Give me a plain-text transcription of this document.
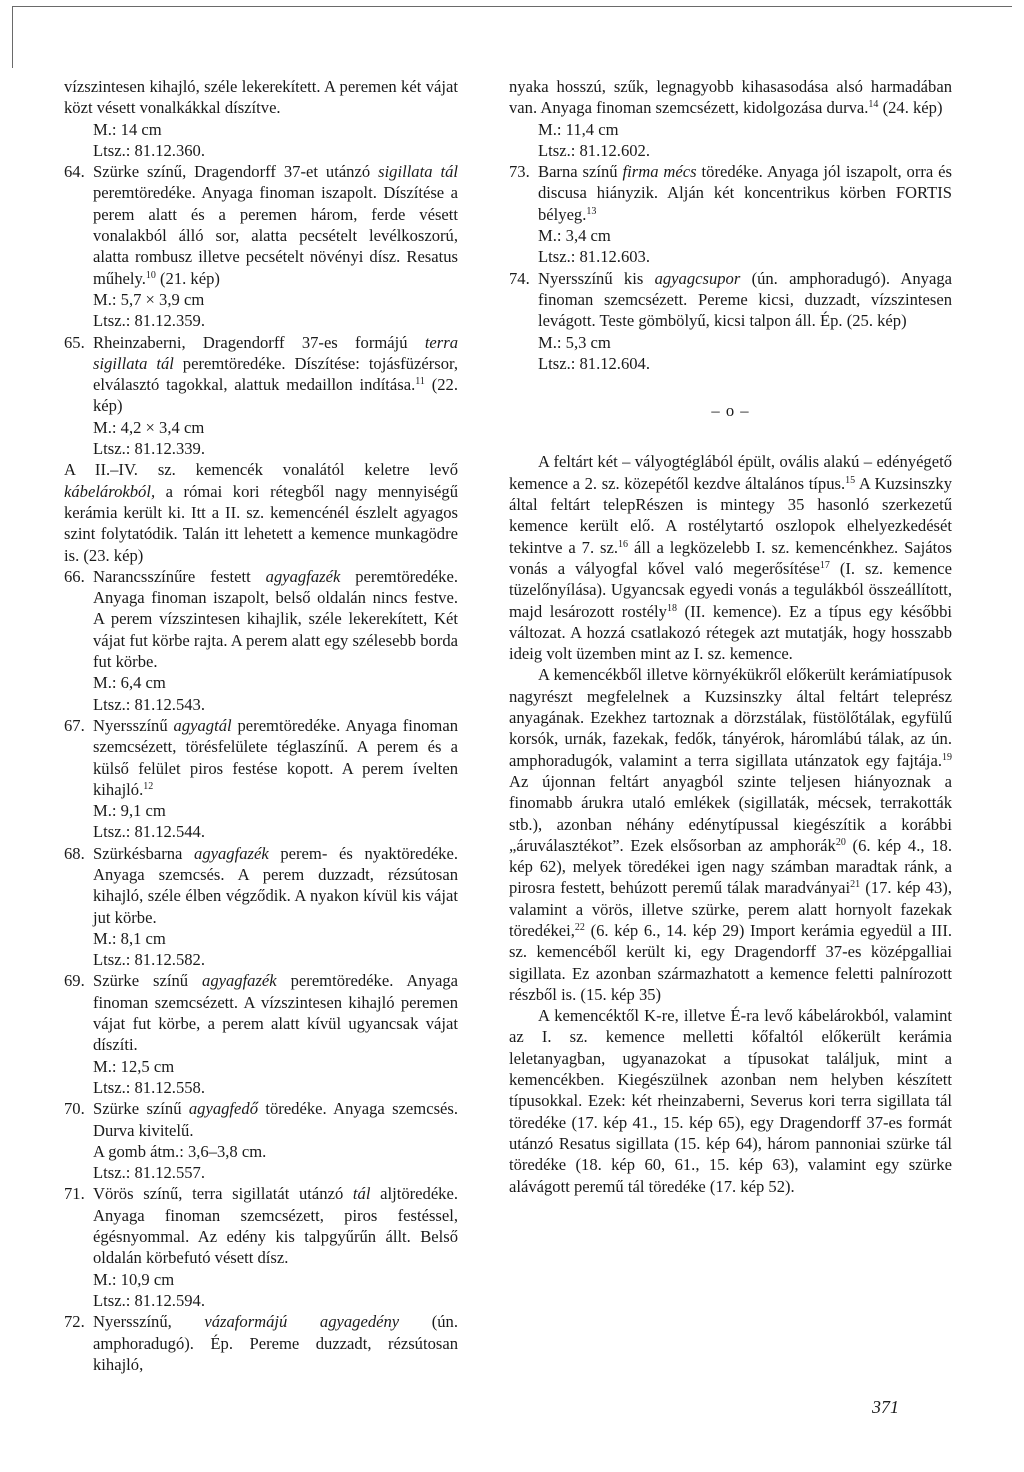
vízszintesen kihajló, széle lekerekített. A peremen két vájat közt vésett vonalkákkal díszítve.

M.: 14 cm

Ltsz.: 81.12.360.

64. Szürke színű, Dragendorff 37-et utánzó sigillata tál peremtöredéke. Anyaga finoman iszapolt. Díszítése a perem alatt és a peremen három, ferde vésett vonalakból álló sor, alatta pecsételt levélkoszorú, alatta rombusz illetve pecsételt növényi dísz. Resatus műhely.$^{10}$ (21. kép)

M.: 5,7 × 3,9 cm

Ltsz.: 81.12.359.

65. Rheinzaberni, Dragendorff 37-es formájú terra sigillata tál peremtöredéke. Díszítése: tojásfüzérsor, elválasztó tagokkal, alattuk medaillon indítása.$^{11}$ (22. kép)

M.: 4,2 × 3,4 cm

Ltsz.: 81.12.339.

A II.–IV. sz. kemencék vonalától keletre levő kábelárokból, a római kori rétegből nagy mennyiségű kerámia került ki. Itt a II. sz. kemencénél észlelt agyagos szint folytatódik. Talán itt lehetett a kemence munkagödre is. (23. kép)

66. Narancsszínűre festett agyagfazék peremtöredéke. Anyaga finoman iszapolt, belső oldalán nincs festve. A perem vízszintesen kihajlik, széle lekerekített, Két vájat fut körbe rajta. A perem alatt egy szélesebb borda fut körbe.

M.: 6,4 cm

Ltsz.: 81.12.543.

67. Nyersszínű agyagtál peremtöredéke. Anyaga finoman szemcsézett, törésfelülete téglaszínű. A perem és a külső felület piros festése kopott. A perem ívelten kihajló.$^{12}$

M.: 9,1 cm

Ltsz.: 81.12.544.

68. Szürkésbarna agyagfazék perem- és nyaktöredéke. Anyaga szemcsés. A perem duzzadt, rézsútosan kihajló, széle élben végződik. A nyakon kívül kis vájat jut körbe.

M.: 8,1 cm

Ltsz.: 81.12.582.

69. Szürke színű agyagfazék peremtöredéke. Anyaga finoman szemcsézett. A vízszintesen kihajló peremen vájat fut körbe, a perem alatt kívül ugyancsak vájat díszíti.

M.: 12,5 cm

Ltsz.: 81.12.558.

70. Szürke színű agyagfedő töredéke. Anyaga szemcsés. Durva kivitelű.

A gomb átm.: 3,6–3,8 cm.

Ltsz.: 81.12.557.

71. Vörös színű, terra sigillatát utánzó tál aljtöredéke. Anyaga finoman szemcsézett, piros festéssel, égésnyommal. Az edény kis talpgyűrűn állt. Belső oldalán körbefutó vésett dísz.

M.: 10,9 cm

Ltsz.: 81.12.594.

72. Nyersszínű, vázaformájú agyagedény (ún. amphoradugó). Ép. Pereme duzzadt, rézsútosan kihajló,

nyaka hosszú, szűk, legnagyobb kihasasodása alsó harmadában van. Anyaga finoman szemcsézett, kidolgozása durva.$^{14}$ (24. kép)

M.: 11,4 cm

Ltsz.: 81.12.602.

73. Barna színű firma mécs töredéke. Anyaga jól iszapolt, orra és discusa hiányzik. Alján két koncentrikus körben FORTIS bélyeg.$^{13}$

M.: 3,4 cm

Ltsz.: 81.12.603.

74. Nyersszínű kis agyagcsupor (ún. amphoradugó). Anyaga finoman szemcsézett. Pereme kicsi, duzzadt, vízszintesen levágott. Teste gömbölyű, kicsi talpon áll. Ép. (25. kép)

M.: 5,3 cm

Ltsz.: 81.12.604.

– o –

A feltárt két – vályogtéglából épült, ovális alakú – edényégető kemence a 2. sz. közepétől kezdve általános típus.$^{15}$ A Kuzsinszky által feltárt telepRészen is mintegy 35 hasonló szerkezetű kemence került elő. A rostélytartó oszlopok elhelyezkedését tekintve a 7. sz.$^{16}$ áll a legközelebb I. sz. kemencénkhez. Sajátos vonás a vályogfal kővel való megerősítése$^{17}$ (I. sz. kemence tüzelőnyílása). Ugyancsak egyedi vonás a tegulákból összeállított, majd lesározott rostély$^{18}$ (II. kemence). Ez a típus egy későbbi változat. A hozzá csatlakozó rétegek azt mutatják, hogy hosszabb ideig volt üzemben mint az I. sz. kemence.

A kemencékből illetve környékükről előkerült kerámiatípusok nagyrészt megfelelnek a Kuzsinszky által feltárt teleprész anyagának. Ezekhez tartoznak a dörzstálak, füstölőtálak, egyfülű korsók, urnák, fazekak, fedők, tányérok, háromlábú tálak, az ún. amphoradugók, valamint a terra sigillata utánzatok egy fajtája.$^{19}$ Az újonnan feltárt anyagból szinte teljesen hiányoznak a finomabb árukra utaló emlékek (sigillaták, mécsek, terrakották stb.), azonban néhány edénytípussal kiegészítik a korábbi „áruválasztékot”. Ezek elsősorban az amphorák$^{20}$ (6. kép 4., 18. kép 62), melyek töredékei igen nagy számban maradtak ránk, a pirosra festett, behúzott peremű tálak maradványai$^{21}$ (17. kép 43), valamint a vörös, illetve szürke, perem alatt hornyolt fazekak töredékei,$^{22}$ (6. kép 6., 14. kép 29) Import kerámia egyedül a III. sz. kemencéből került ki, egy Dragendorff 37-es középgalliai sigillata. Ez azonban származhatott a kemence feletti palnírozott részből is. (15. kép 35)

A kemencéktől K-re, illetve É-ra levő kábelárokból, valamint az I. sz. kemence melletti kőfaltól előkerült kerámia leletanyagban, ugyanazokat a típusokat találjuk, mint a kemencékben. Kiegészülnek azonban nem helyben készített típusokkal. Ezek: két rheinzaberni, Severus kori terra sigillata tál töredéke (17. kép 41., 15. kép 65), egy Dragendorff 37-es formát utánzó Resatus sigillata (15. kép 64), három pannoniai szürke tál töredéke (18. kép 60, 61., 15. kép 63), valamint egy szürke alávágott peremű tál töredéke (17. kép 52).

371
